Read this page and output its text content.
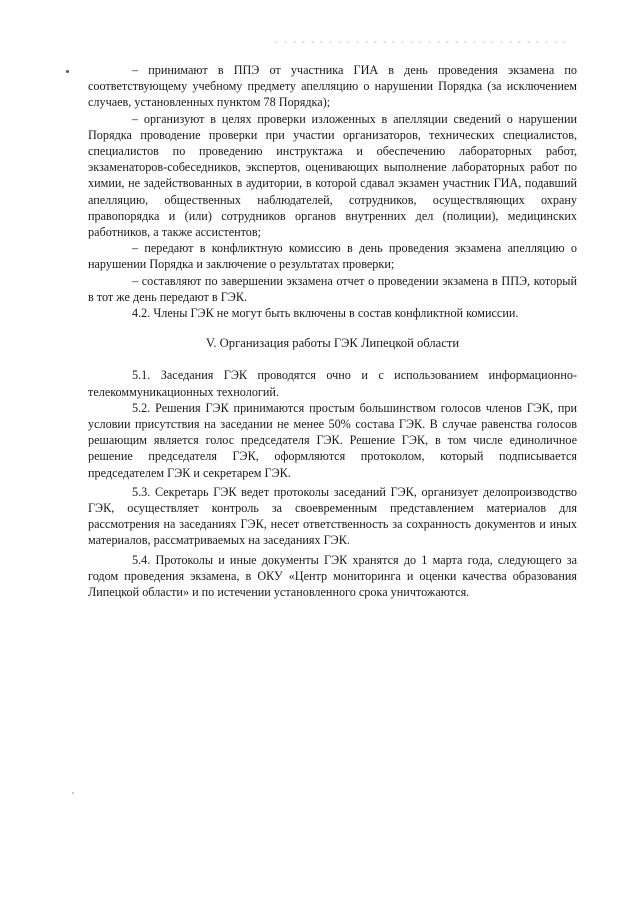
– принимают в ППЭ от участника ГИА в день проведения экзамена по соответствующему учебному предмету апелляцию о нарушении Порядка (за исключением случаев, установленных пунктом 78 Порядка);

– организуют в целях проверки изложенных в апелляции сведений о нарушении Порядка проводение проверки при участии организаторов, технических специалистов, специалистов по проведению инструктажа и обеспечению лабораторных работ, экзаменаторов-собеседников, экспертов, оценивающих выполнение лабораторных работ по химии, не задействованных в аудитории, в которой сдавал экзамен участник ГИА, подавший апелляцию, общественных наблюдателей, сотрудников, осуществляющих охрану правопорядка и (или) сотрудников органов внутренних дел (полиции), медицинских работников, а также ассистентов;

– передают в конфликтную комиссию в день проведения экзамена апелляцию о нарушении Порядка и заключение о результатах проверки;

– составляют по завершении экзамена отчет о проведении экзамена в ППЭ, который в тот же день передают в ГЭК.

4.2. Члены ГЭК не могут быть включены в состав конфликтной комиссии.

V. Организация работы ГЭК Липецкой области

5.1. Заседания ГЭК проводятся очно и с использованием информационно-телекоммуникационных технологий.

5.2. Решения ГЭК принимаются простым большинством голосов членов ГЭК, при условии присутствия на заседании не менее 50% состава ГЭК. В случае равенства голосов решающим является голос председателя ГЭК. Решение ГЭК, в том числе единоличное решение председателя ГЭК, оформляются протоколом, который подписывается председателем ГЭК и секретарем ГЭК.

5.3. Секретарь ГЭК ведет протоколы заседаний ГЭК, организует делопроизводство ГЭК, осуществляет контроль за своевременным представлением материалов для рассмотрения на заседаниях ГЭК, несет ответственность за сохранность документов и иных материалов, рассматриваемых на заседаниях ГЭК.

5.4. Протоколы и иные документы ГЭК хранятся до 1 марта года, следующего за годом проведения экзамена, в ОКУ «Центр мониторинга и оценки качества образования Липецкой области» и по истечении установленного срока уничтожаются.
